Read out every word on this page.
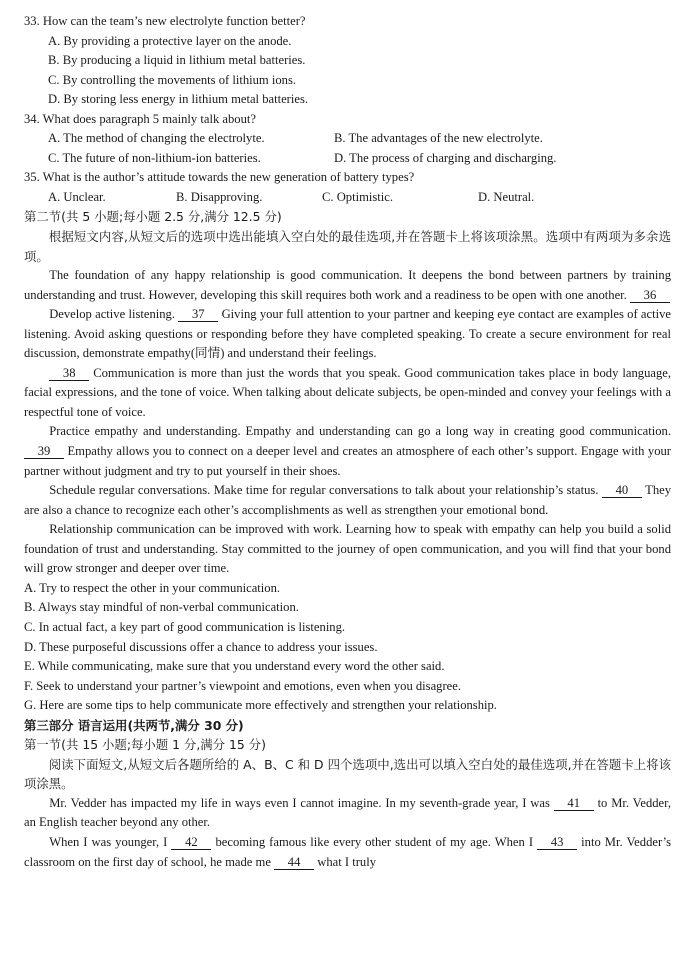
33. How can the team’s new electrolyte function better?
A. By providing a protective layer on the anode.
B. By producing a liquid in lithium metal batteries.
C. By controlling the movements of lithium ions.
D. By storing less energy in lithium metal batteries.
34. What does paragraph 5 mainly talk about?
A. The method of changing the electrolyte.	B. The advantages of the new electrolyte.
C. The future of non-lithium-ion batteries.	D. The process of charging and discharging.
35. What is the author’s attitude towards the new generation of battery types?
A. Unclear.	B. Disapproving.	C. Optimistic.	D. Neutral.
第二节(共 5 小题;每小题 2.5 分,满分 12.5 分)
根据短文内容,从短文后的选项中选出能填入空白处的最佳选项,并在答题卡上将该项涂黑。选项中有两项为多余选项。
The foundation of any happy relationship is good communication. It deepens the bond between partners by training understanding and trust. However, developing this skill requires both work and a readiness to be open with one another. 36
Develop active listening. 37 Giving your full attention to your partner and keeping eye contact are examples of active listening. Avoid asking questions or responding before they have completed speaking. To create a secure environment for real discussion, demonstrate empathy(同情) and understand their feelings.
38 Communication is more than just the words that you speak. Good communication takes place in body language, facial expressions, and the tone of voice. When talking about delicate subjects, be open-minded and convey your feelings with a respectful tone of voice.
Practice empathy and understanding. Empathy and understanding can go a long way in creating good communication. 39 Empathy allows you to connect on a deeper level and creates an atmosphere of each other’s support. Engage with your partner without judgment and try to put yourself in their shoes.
Schedule regular conversations. Make time for regular conversations to talk about your relationship’s status. 40 They are also a chance to recognize each other’s accomplishments as well as strengthen your emotional bond.
Relationship communication can be improved with work. Learning how to speak with empathy can help you build a solid foundation of trust and understanding. Stay committed to the journey of open communication, and you will find that your bond will grow stronger and deeper over time.
A. Try to respect the other in your communication.
B. Always stay mindful of non-verbal communication.
C. In actual fact, a key part of good communication is listening.
D. These purposeful discussions offer a chance to address your issues.
E. While communicating, make sure that you understand every word the other said.
F. Seek to understand your partner’s viewpoint and emotions, even when you disagree.
G. Here are some tips to help communicate more effectively and strengthen your relationship.
第三部分 语言运用(共两节,满分 30 分)
第一节(共 15 小题;每小题 1 分,满分 15 分)
阅读下面短文,从短文后各题所给的 A、B、C 和 D 四个选项中,选出可以填入空白处的最佳选项,并在答题卡上将该项涂黑。
Mr. Vedder has impacted my life in ways even I cannot imagine. In my seventh-grade year, I was 41 to Mr. Vedder, an English teacher beyond any other.
When I was younger, I 42 becoming famous like every other student of my age. When I 43 into Mr. Vedder’s classroom on the first day of school, he made me 44 what I truly
